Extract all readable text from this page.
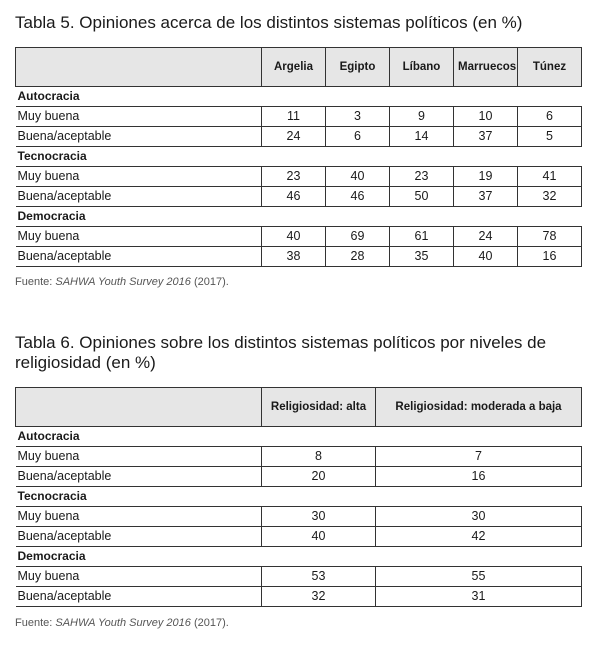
Tabla 5. Opiniones acerca de los distintos sistemas políticos (en %)
	Argelia	Egipto	Líbano	Marruecos	Túnez
Autocracia					
Muy buena	11	3	9	10	6
Buena/aceptable	24	6	14	37	5
Tecnocracia					
Muy buena	23	40	23	19	41
Buena/aceptable	46	46	50	37	32
Democracia					
Muy buena	40	69	61	24	78
Buena/aceptable	38	28	35	40	16

Fuente: SAHWA Youth Survey 2016 (2017).

Tabla 6. Opiniones sobre los distintos sistemas políticos por niveles de religiosidad (en %)
	Religiosidad: alta	Religiosidad: moderada a baja
Autocracia		
Muy buena	8	7
Buena/aceptable	20	16
Tecnocracia		
Muy buena	30	30
Buena/aceptable	40	42
Democracia		
Muy buena	53	55
Buena/aceptable	32	31

Fuente: SAHWA Youth Survey 2016 (2017).
